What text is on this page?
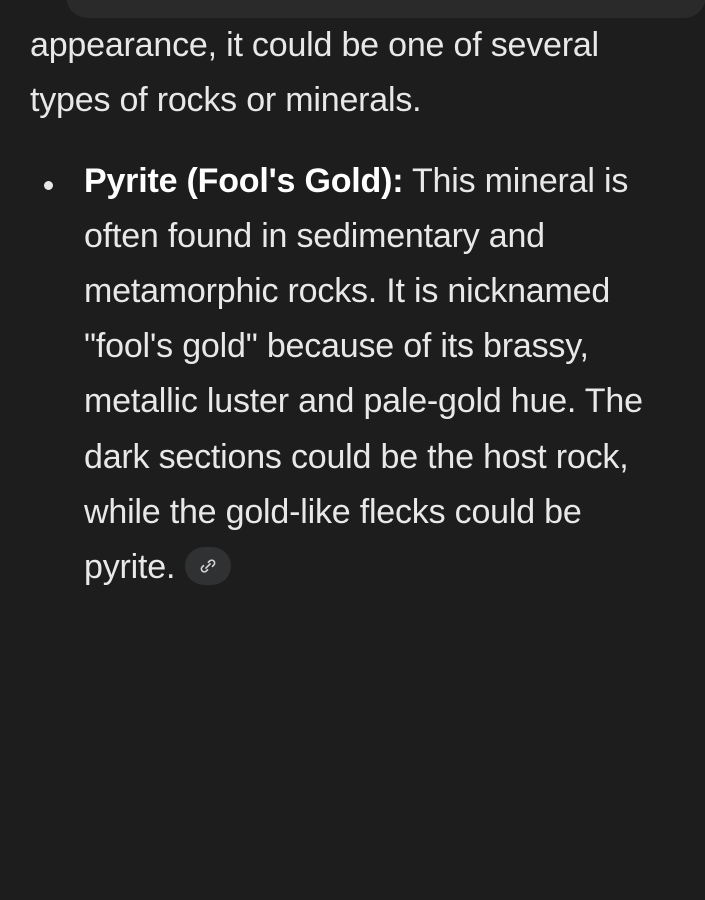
appearance, it could be one of several types of rocks or minerals.

Pyrite (Fool's Gold): This mineral is often found in sedimentary and metamorphic rocks. It is nicknamed "fool's gold" because of its brassy, metallic luster and pale-gold hue. The dark sections could be the host rock, while the gold-like flecks could be pyrite.
